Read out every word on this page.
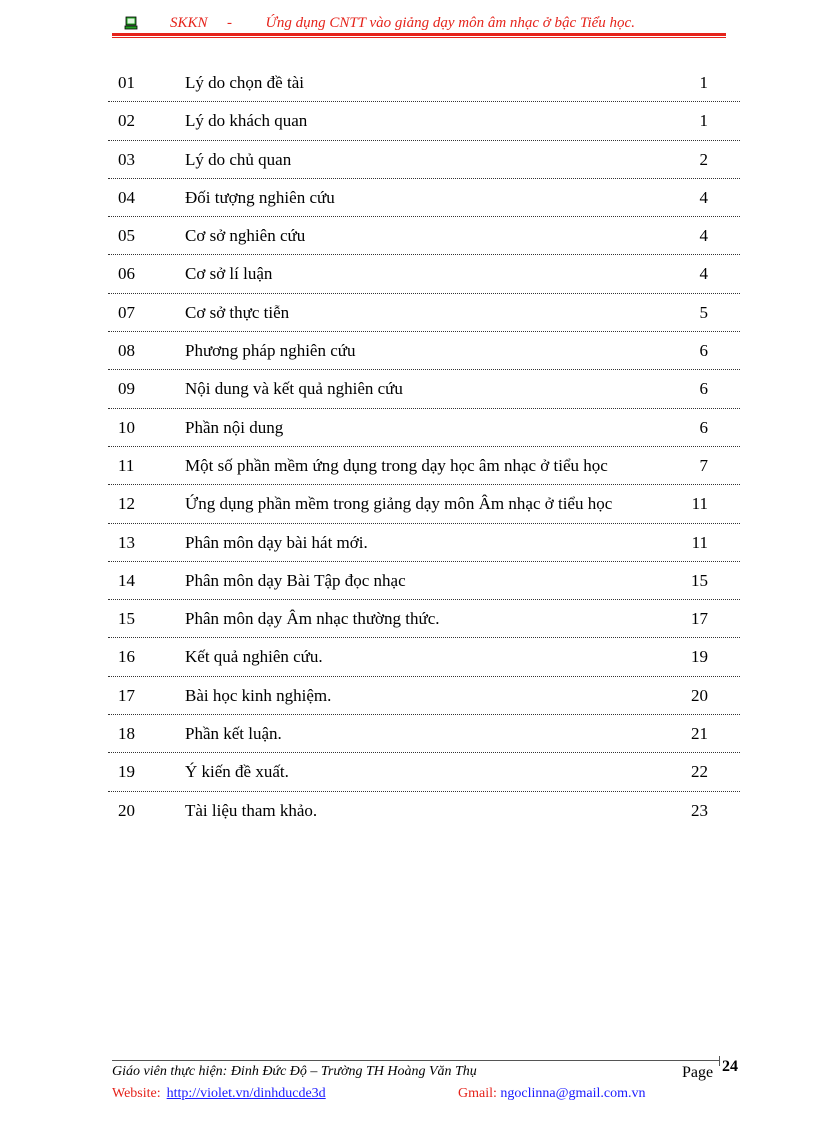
SKKN - Ứng dụng CNTT vào giảng dạy môn âm nhạc ở bậc Tiểu học.
01	Lý do chọn đề tài	1
02	Lý do khách quan	1
03	Lý do chủ quan	2
04	Đối tượng nghiên cứu	4
05	Cơ sở nghiên cứu	4
06	Cơ sở lí luận	4
07	Cơ sở thực tiễn	5
08	Phương pháp nghiên cứu	6
09	Nội dung và kết quả nghiên cứu	6
10	Phần nội dung	6
11	Một số phần mềm ứng dụng trong dạy học âm nhạc ở tiểu học	7
12	Ứng dụng phần mềm trong giảng dạy môn Âm nhạc ở tiểu học	11
13	Phân môn dạy bài hát mới.	11
14	Phân môn dạy Bài Tập đọc nhạc	15
15	Phân môn dạy Âm nhạc thường thức.	17
16	Kết quả nghiên cứu.	19
17	Bài học kinh nghiệm.	20
18	Phần kết luận.	21
19	Ý kiến đề xuất.	22
20	Tài liệu tham khảo.	23
Giáo viên thực hiện: Đinh Đức Độ – Trường TH Hoàng Văn Thụ	Page 24
Website: http://violet.vn/dinhducde3d	Gmail: ngoclinna@gmail.com.vn
